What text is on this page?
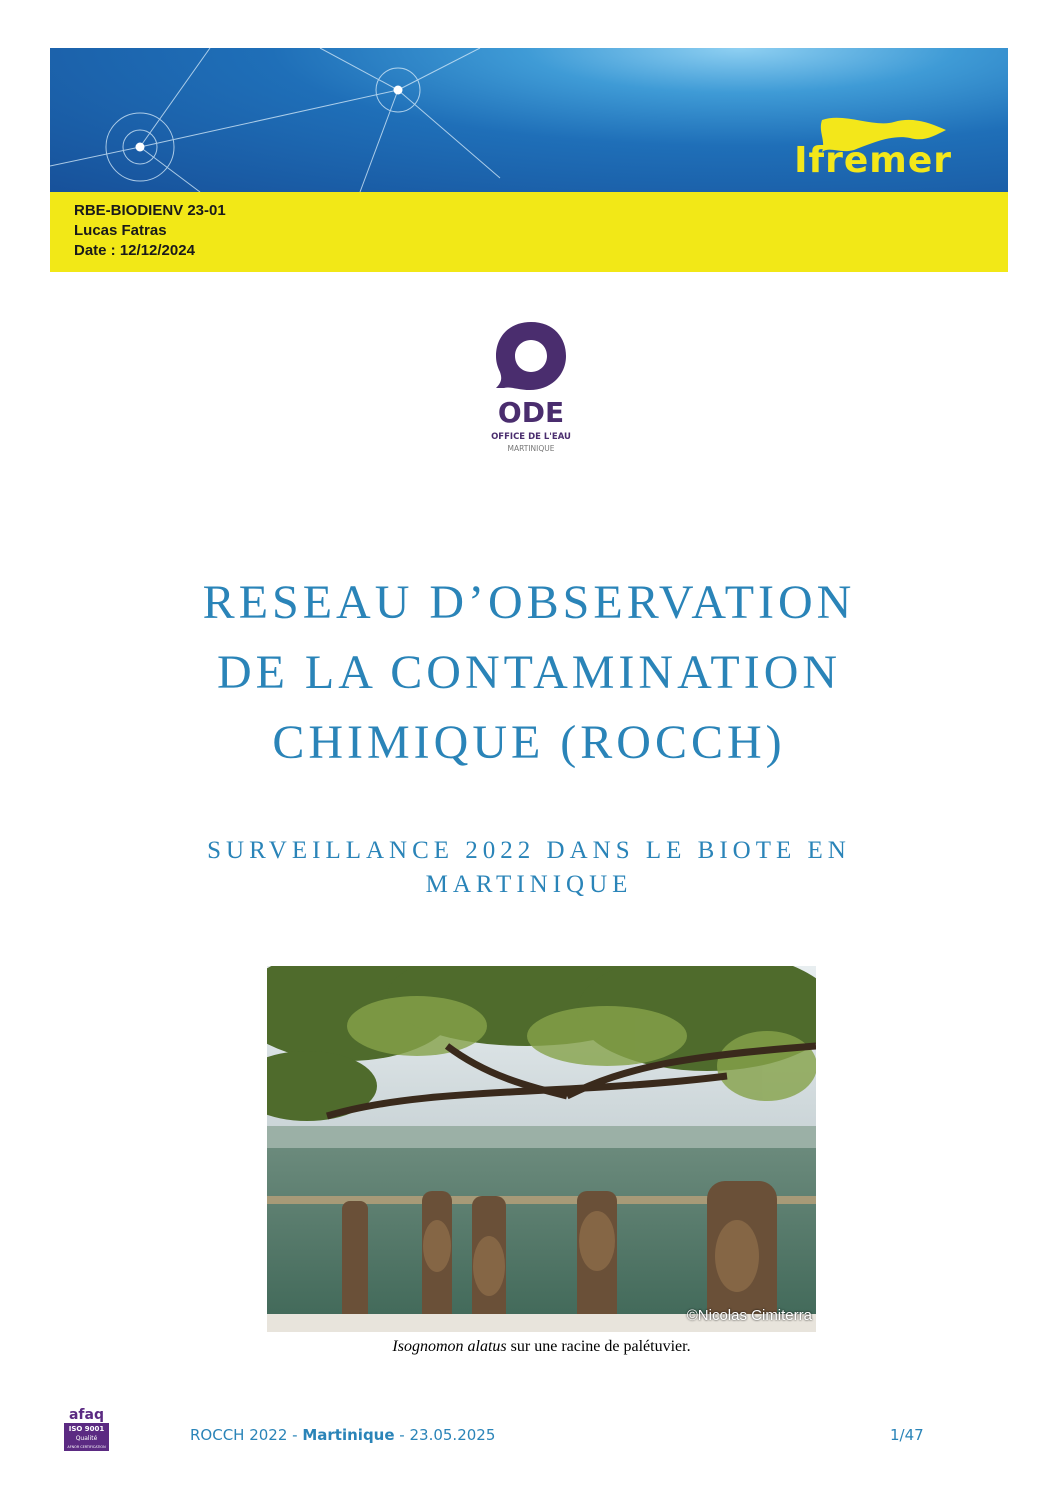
Ifremer
RBE-BIODIENV 23-01
Lucas Fatras
Date : 12/12/2024
ODE
OFFICE DE L'EAU
MARTINIQUE
RESEAU D’OBSERVATION
DE LA CONTAMINATION
CHIMIQUE (ROCCH)
SURVEILLANCE 2022 DANS LE BIOTE EN
MARTINIQUE
©Nicolas Cimiterra
Isognomon alatus sur une racine de palétuvier.
afaq
ISO 9001
Qualité
AFNOR CERTIFICATION
ROCCH 2022 - Martinique - 23.05.2025	1/47
